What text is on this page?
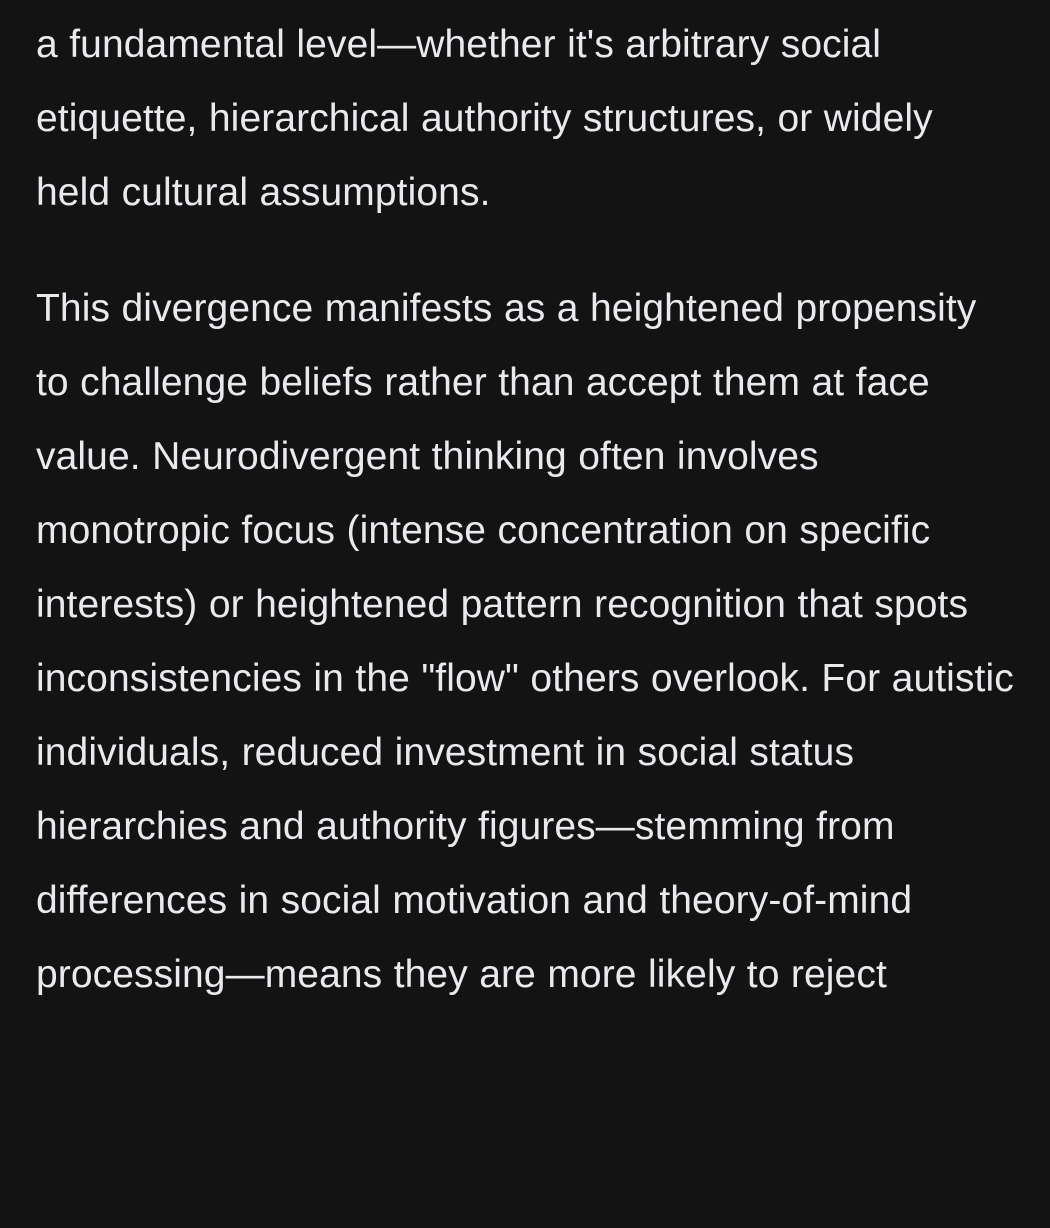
a fundamental level—whether it's arbitrary social etiquette, hierarchical authority structures, or widely held cultural assumptions.

This divergence manifests as a heightened propensity to challenge beliefs rather than accept them at face value. Neurodivergent thinking often involves monotropic focus (intense concentration on specific interests) or heightened pattern recognition that spots inconsistencies in the "flow" others overlook. For autistic individuals, reduced investment in social status hierarchies and authority figures—stemming from differences in social motivation and theory-of-mind processing—means they are more likely to reject
